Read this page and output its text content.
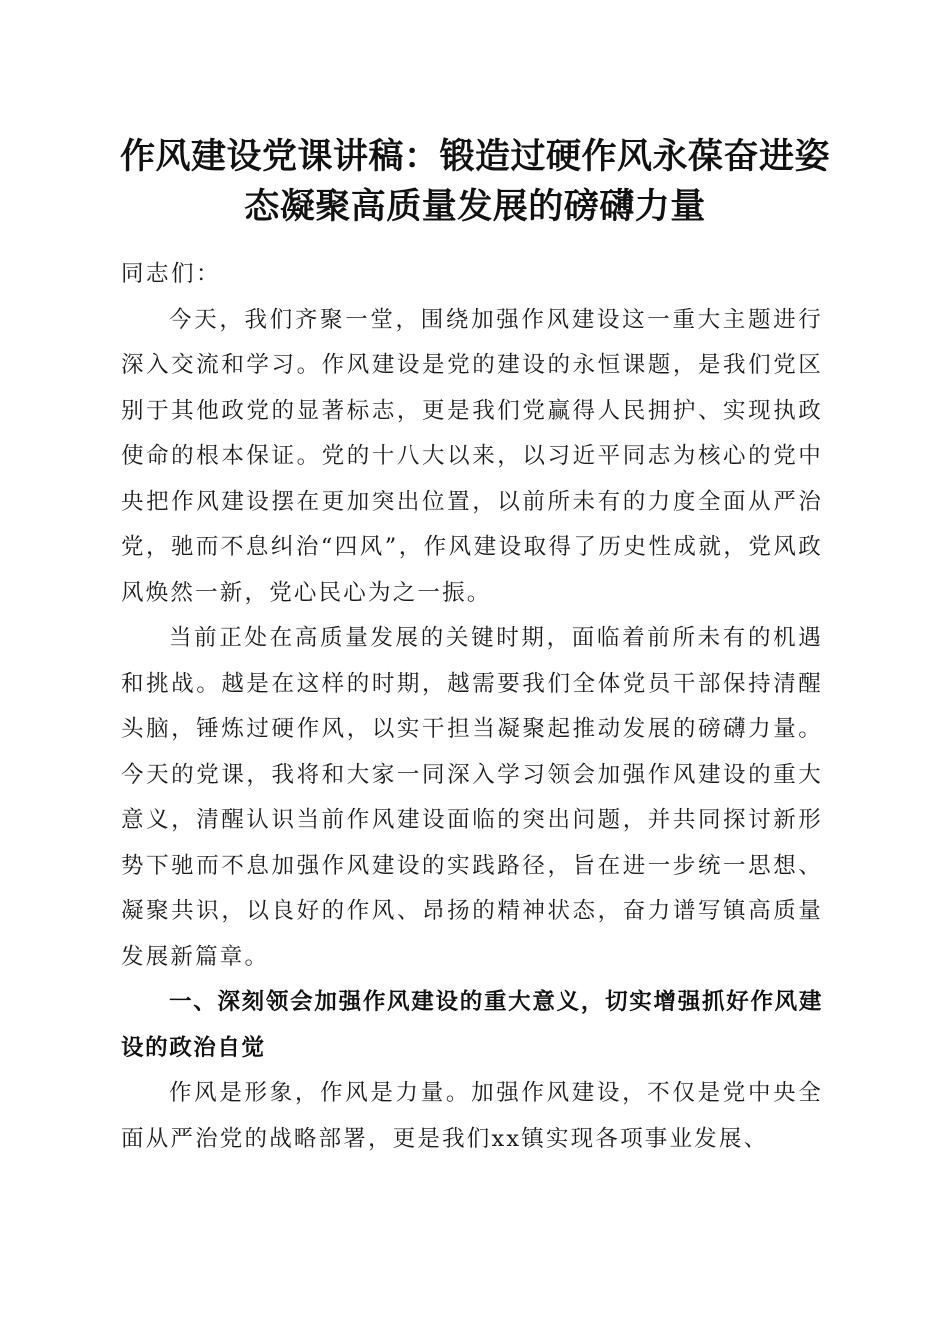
作风建设党课讲稿：锻造过硬作风永葆奋进姿
态凝聚高质量发展的磅礴力量

同志们：

今天，我们齐聚一堂，围绕加强作风建设这一重大主题进行深入交流和学习。作风建设是党的建设的永恒课题，是我们党区别于其他政党的显著标志，更是我们党赢得人民拥护、实现执政使命的根本保证。党的十八大以来，以习近平同志为核心的党中央把作风建设摆在更加突出位置，以前所未有的力度全面从严治党，驰而不息纠治“四风”，作风建设取得了历史性成就，党风政风焕然一新，党心民心为之一振。

当前正处在高质量发展的关键时期，面临着前所未有的机遇和挑战。越是在这样的时期，越需要我们全体党员干部保持清醒头脑，锤炼过硬作风，以实干担当凝聚起推动发展的磅礴力量。今天的党课，我将和大家一同深入学习领会加强作风建设的重大意义，清醒认识当前作风建设面临的突出问题，并共同探讨新形势下驰而不息加强作风建设的实践路径，旨在进一步统一思想、凝聚共识，以良好的作风、昂扬的精神状态，奋力谱写镇高质量发展新篇章。

一、深刻领会加强作风建设的重大意义，切实增强抓好作风建设的政治自觉

作风是形象，作风是力量。加强作风建设，不仅是党中央全面从严治党的战略部署，更是我们xx镇实现各项事业发展、
